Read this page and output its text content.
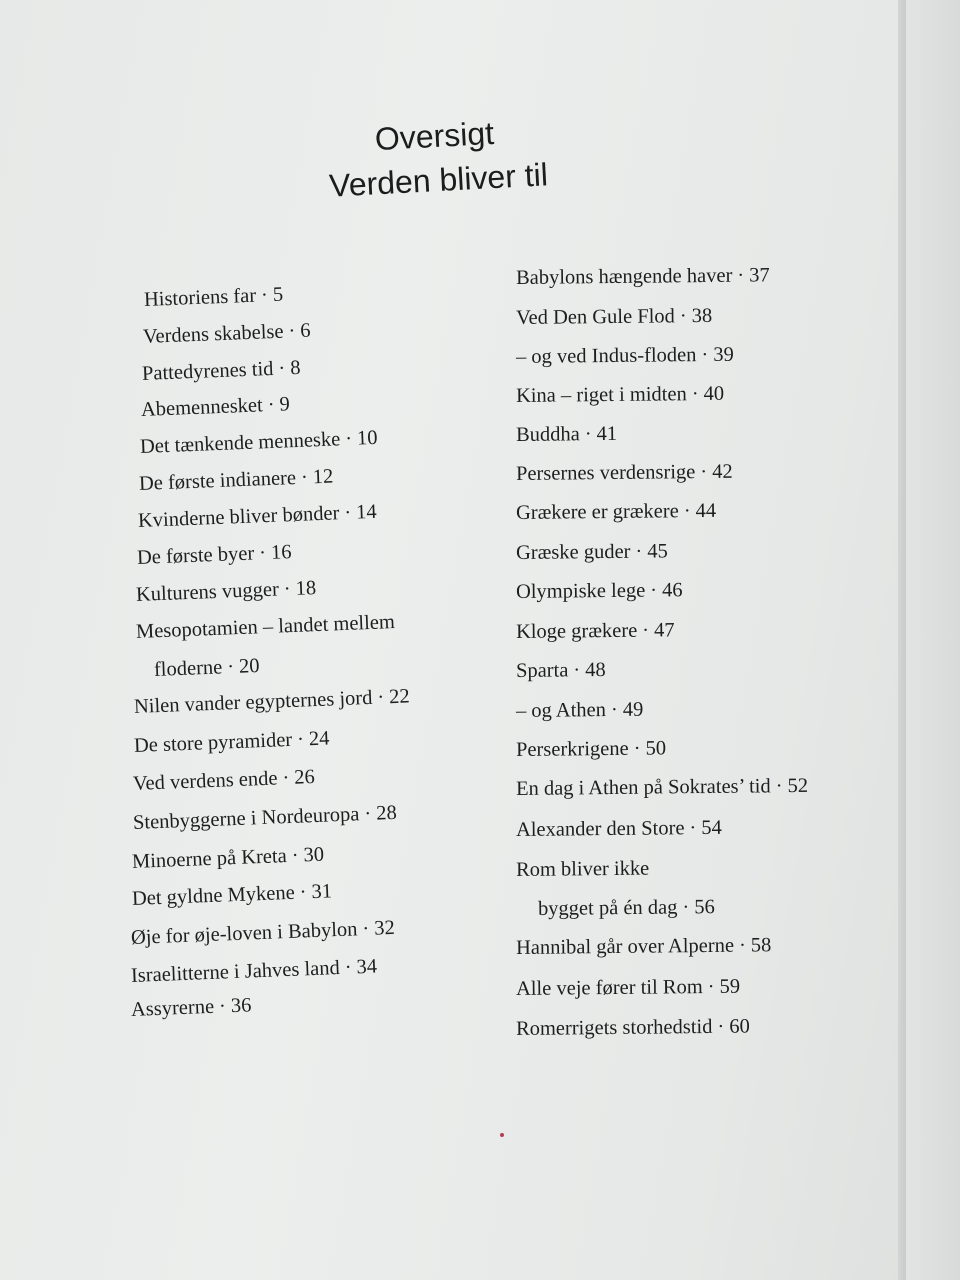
Oversigt
Verden bliver til
Historiens far · 5
Verdens skabelse · 6
Pattedyrenes tid · 8
Abemennesket · 9
Det tænkende menneske · 10
De første indianere · 12
Kvinderne bliver bønder · 14
De første byer · 16
Kulturens vugger · 18
Mesopotamien – landet mellem
floderne · 20
Nilen vander egypternes jord · 22
De store pyramider · 24
Ved verdens ende · 26
Stenbyggerne i Nordeuropa · 28
Minoerne på Kreta · 30
Det gyldne Mykene · 31
Øje for øje-loven i Babylon · 32
Israelitterne i Jahves land · 34
Assyrerne · 36
Babylons hængende haver · 37
Ved Den Gule Flod · 38
– og ved Indus-floden · 39
Kina – riget i midten · 40
Buddha · 41
Persernes verdensrige · 42
Grækere er grækere · 44
Græske guder · 45
Olympiske lege · 46
Kloge grækere · 47
Sparta · 48
– og Athen · 49
Perserkrigene · 50
En dag i Athen på Sokrates’ tid · 52
Alexander den Store · 54
Rom bliver ikke
bygget på én dag · 56
Hannibal går over Alperne · 58
Alle veje fører til Rom · 59
Romerrigets storhedstid · 60
